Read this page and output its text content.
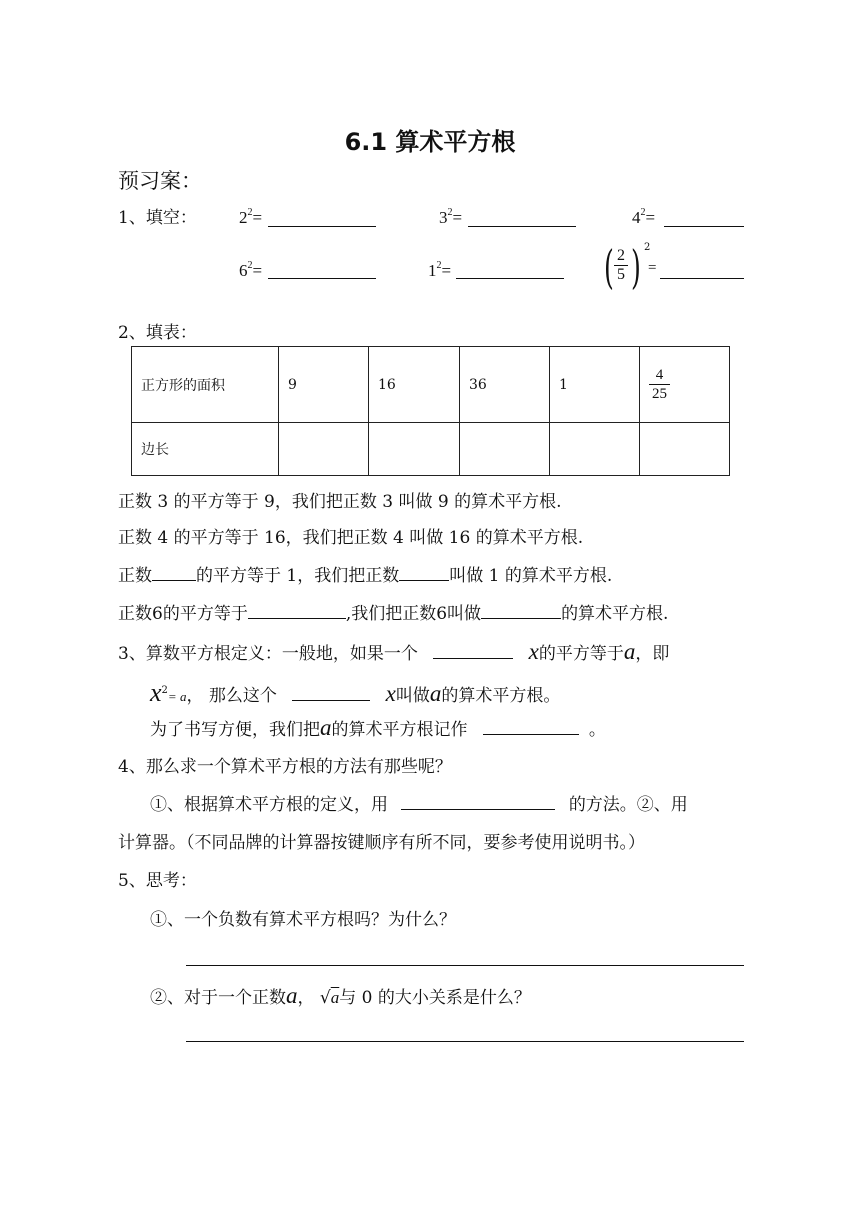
6.1 算术平方根
预习案：
1、填空： $2^2=$	$3^2=$	$4^2=$
$6^2=$	$1^2=$	( $\frac{2}{5}$ ) 2
=
2、填表：
正方形的面积	9	16	36	1	$\frac{4}{25}$

边长					
正数 3 的平方等于 9，我们把正数 3 叫做 9 的算术平方根.
正数 4 的平方等于 16，我们把正数 4 叫做 16 的算术平方根.
正数	的平方等于 1，我们把正数	叫做 1 的算术平方根.
正数6的平方等于	,我们把正数6叫做	的算术平方根.
3、算数平方根定义：一般地，如果一个	x的平方等于a，即
$x^2= a$， 那么这个	x叫做a的算术平方根。
为了书写方便，我们把a的算术平方根记作	。
4、那么求一个算术平方根的方法有那些呢？
①、根据算术平方根的定义，用	的方法。②、用
计算器。（不同品牌的计算器按键顺序有所不同，要参考使用说明书。）
5、思考：
①、一个负数有算术平方根吗？为什么？
②、对于一个正数a， √a与 0 的大小关系是什么？
